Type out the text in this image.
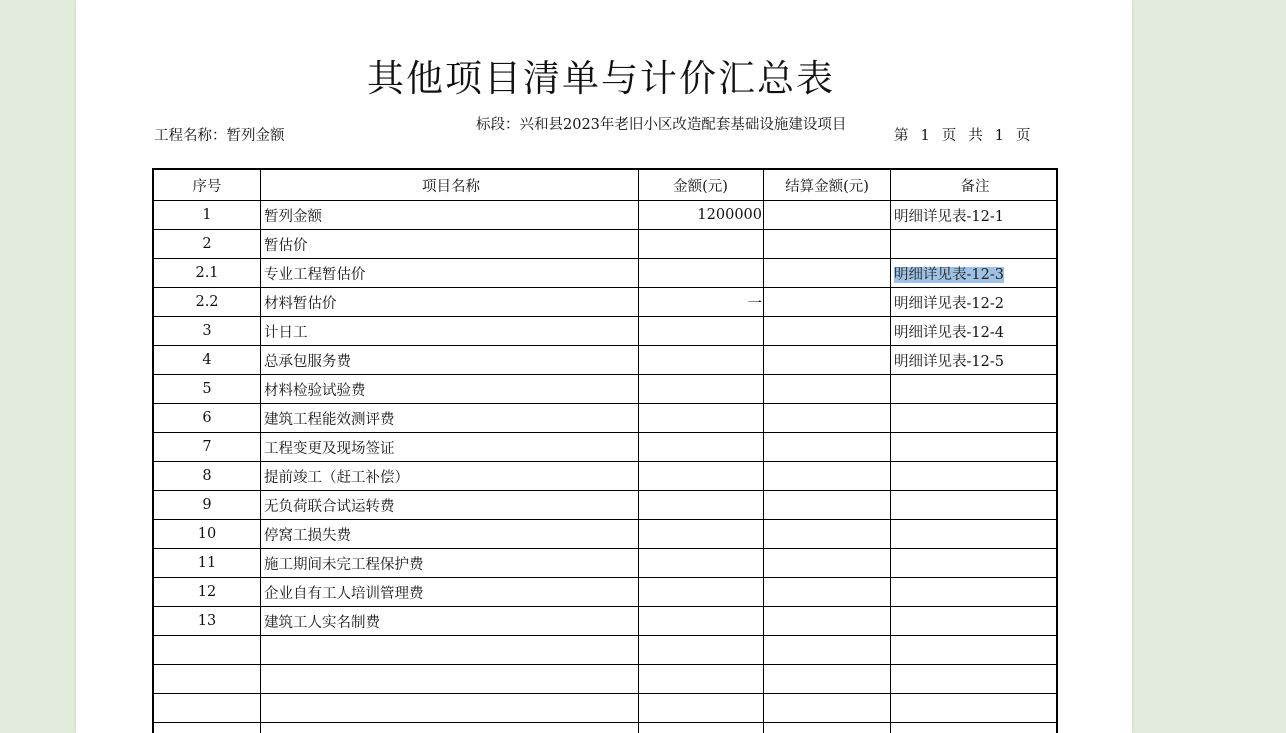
其他项目清单与计价汇总表
工程名称：暂列金额
标段：兴和县2023年老旧小区改造配套基础设施建设项目
第 1 页 共 1 页
序号	项目名称	金额(元)	结算金额(元)	备注
1	暂列金额	1200000		明细详见表-12-1
2	暂估价			
2.1	专业工程暂估价			明细详见表-12-3
2.2	材料暂估价	一		明细详见表-12-2
3	计日工			明细详见表-12-4
4	总承包服务费			明细详见表-12-5
5	材料检验试验费			
6	建筑工程能效测评费			
7	工程变更及现场签证			
8	提前竣工（赶工补偿）			
9	无负荷联合试运转费			
10	停窝工损失费			
11	施工期间未完工程保护费			
12	企业自有工人培训管理费			
13	建筑工人实名制费			
